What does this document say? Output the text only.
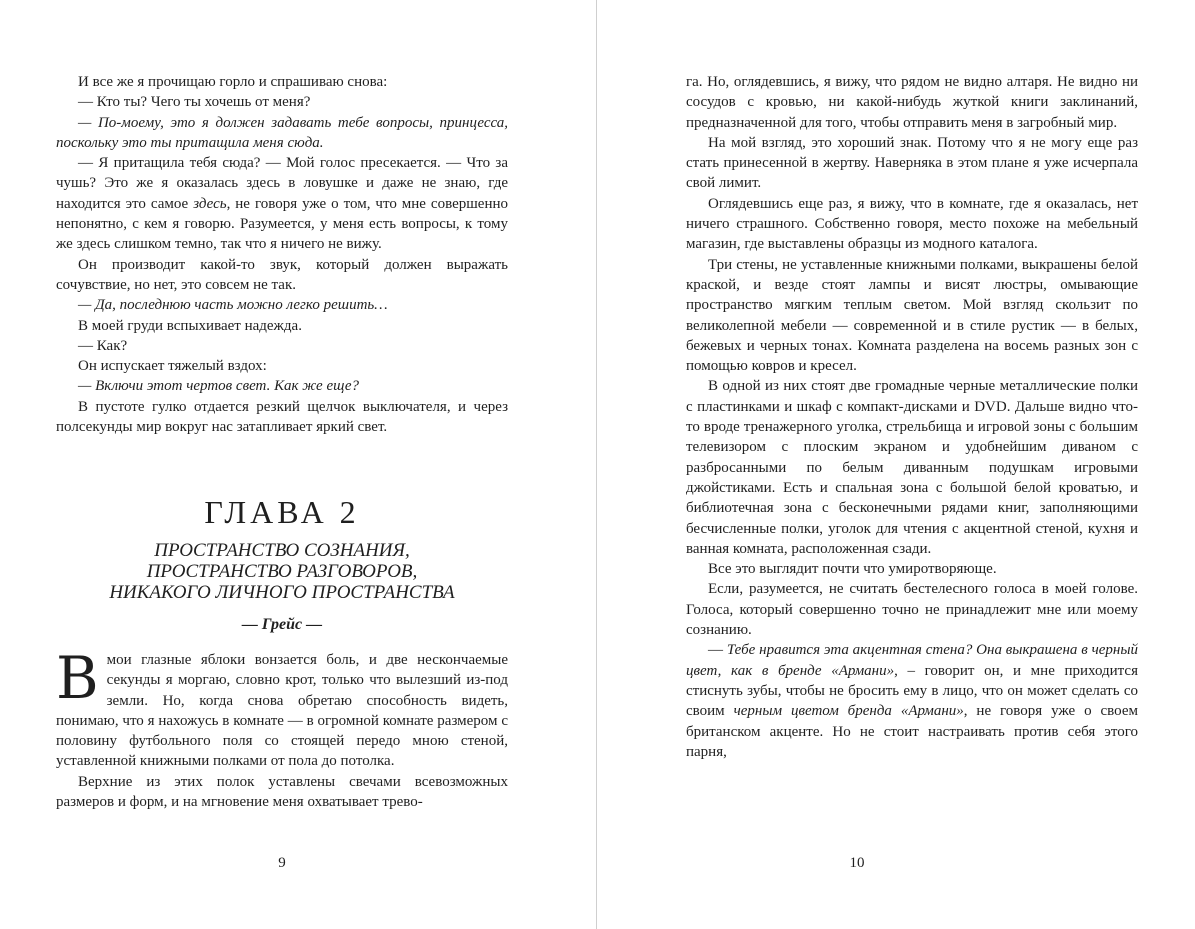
И все же я прочищаю горло и спрашиваю снова:

— Кто ты? Чего ты хочешь от меня?

— По-моему, это я должен задавать тебе вопросы, принцесса, поскольку это ты притащила меня сюда.

— Я притащила тебя сюда? — Мой голос пресекается. — Что за чушь? Это же я оказалась здесь в ловушке и даже не знаю, где находится это самое здесь, не говоря уже о том, что мне совершенно непонятно, с кем я говорю. Разумеется, у меня есть вопросы, к тому же здесь слишком темно, так что я ничего не вижу.

Он производит какой-то звук, который должен выражать сочувствие, но нет, это совсем не так.

— Да, последнюю часть можно легко решить…

В моей груди вспыхивает надежда.

— Как?

Он испускает тяжелый вздох:

— Включи этот чертов свет. Как же еще?

В пустоте гулко отдается резкий щелчок выключателя, и через полсекунды мир вокруг нас затапливает яркий свет.

ГЛАВА 2
ПРОСТРАНСТВО СОЗНАНИЯ,
ПРОСТРАНСТВО РАЗГОВОРОВ,
НИКАКОГО ЛИЧНОГО ПРОСТРАНСТВА
— Грейс —

Вмои глазные яблоки вонзается боль, и две нескончаемые секунды я моргаю, словно крот, только что вылезший из-под земли. Но, когда снова обретаю способность видеть, понимаю, что я нахожусь в комнате — в огромной комнате размером с половину футбольного поля со стоящей передо мною стеной, уставленной книжными полками от пола до потолка.

Верхние из этих полок уставлены свечами всевозможных размеров и форм, и на мгновение меня охватывает трево-

9

га. Но, оглядевшись, я вижу, что рядом не видно алтаря. Не видно ни сосудов с кровью, ни какой-нибудь жуткой книги заклинаний, предназначенной для того, чтобы отправить меня в загробный мир.

На мой взгляд, это хороший знак. Потому что я не могу еще раз стать принесенной в жертву. Наверняка в этом плане я уже исчерпала свой лимит.

Оглядевшись еще раз, я вижу, что в комнате, где я оказалась, нет ничего страшного. Собственно говоря, место похоже на мебельный магазин, где выставлены образцы из модного каталога.

Три стены, не уставленные книжными полками, выкрашены белой краской, и везде стоят лампы и висят люстры, омывающие пространство мягким теплым светом. Мой взгляд скользит по великолепной мебели — современной и в стиле рустик — в белых, бежевых и черных тонах. Комната разделена на восемь разных зон с помощью ковров и кресел.

В одной из них стоят две громадные черные металлические полки с пластинками и шкаф с компакт-дисками и DVD. Дальше видно что-то вроде тренажерного уголка, стрельбища и игровой зоны с большим телевизором с плоским экраном и удобнейшим диваном с разбросанными по белым диванным подушкам игровыми джойстиками. Есть и спальная зона с большой белой кроватью, и библиотечная зона с бесконечными рядами книг, заполняющими бесчисленные полки, уголок для чтения с акцентной стеной, кухня и ванная комната, расположенная сзади.

Все это выглядит почти что умиротворяюще.

Если, разумеется, не считать бестелесного голоса в моей голове. Голоса, который совершенно точно не принадлежит мне или моему сознанию.

— Тебе нравится эта акцентная стена? Она выкрашена в черный цвет, как в бренде «Армани», – говорит он, и мне приходится стиснуть зубы, чтобы не бросить ему в лицо, что он может сделать со своим черным цветом бренда «Армани», не говоря уже о своем британском акценте. Но не стоит настраивать против себя этого парня,

10
